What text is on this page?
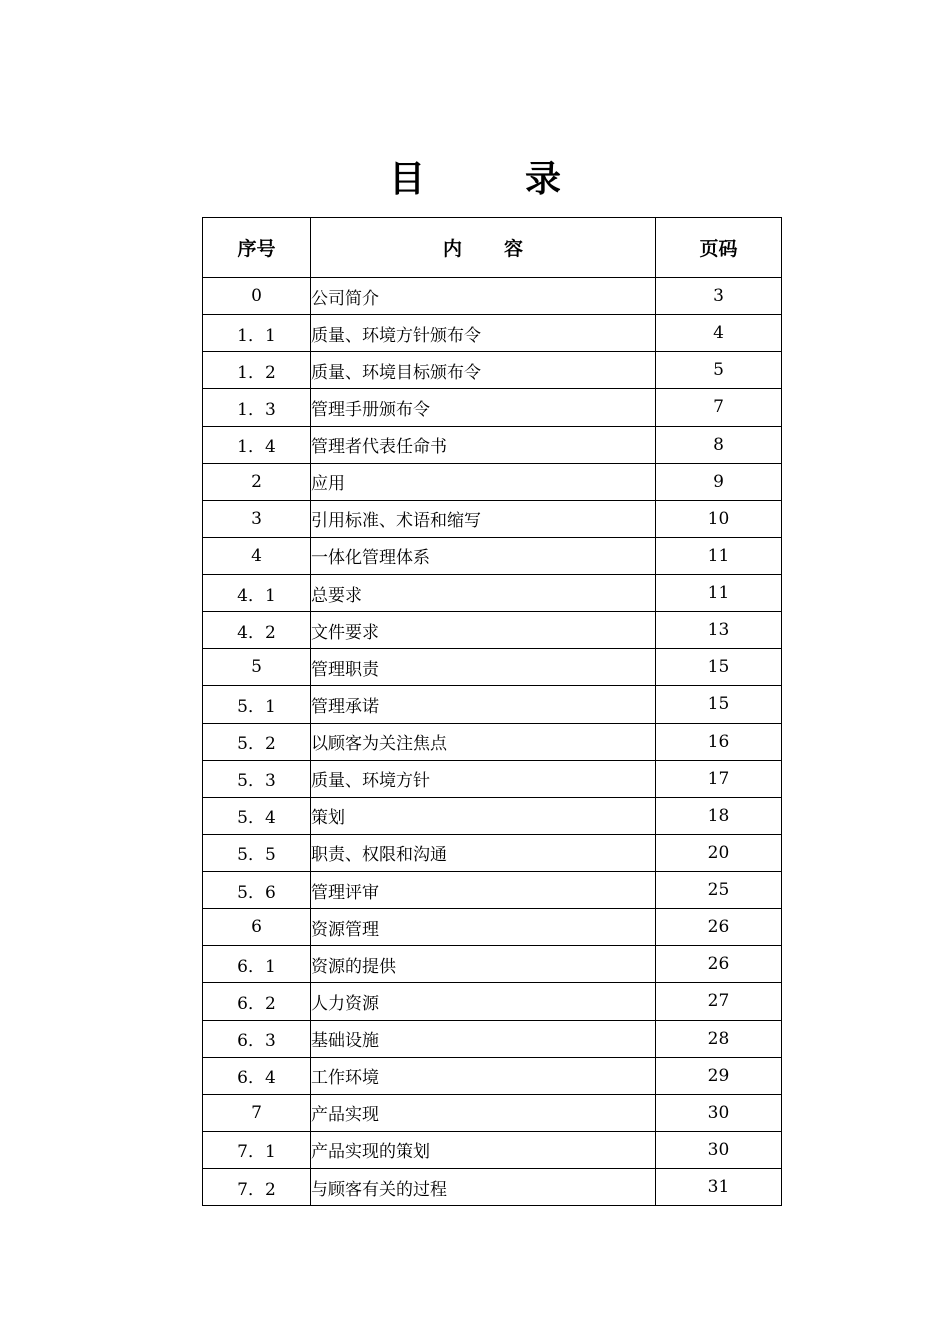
目录
序号	内容	页码
0	公司简介	3
1．1	质量、环境方针颁布令	4
1．2	质量、环境目标颁布令	5
1．3	管理手册颁布令	7
1．4	管理者代表任命书	8
2	应用	9
3	引用标准、术语和缩写	10
4	一体化管理体系	11
4．1	总要求	11
4．2	文件要求	13
5	管理职责	15
5．1	管理承诺	15
5．2	以顾客为关注焦点	16
5．3	质量、环境方针	17
5．4	策划	18
5．5	职责、权限和沟通	20
5．6	管理评审	25
6	资源管理	26
6．1	资源的提供	26
6．2	人力资源	27
6．3	基础设施	28
6．4	工作环境	29
7	产品实现	30
7．1	产品实现的策划	30
7．2	与顾客有关的过程	31
